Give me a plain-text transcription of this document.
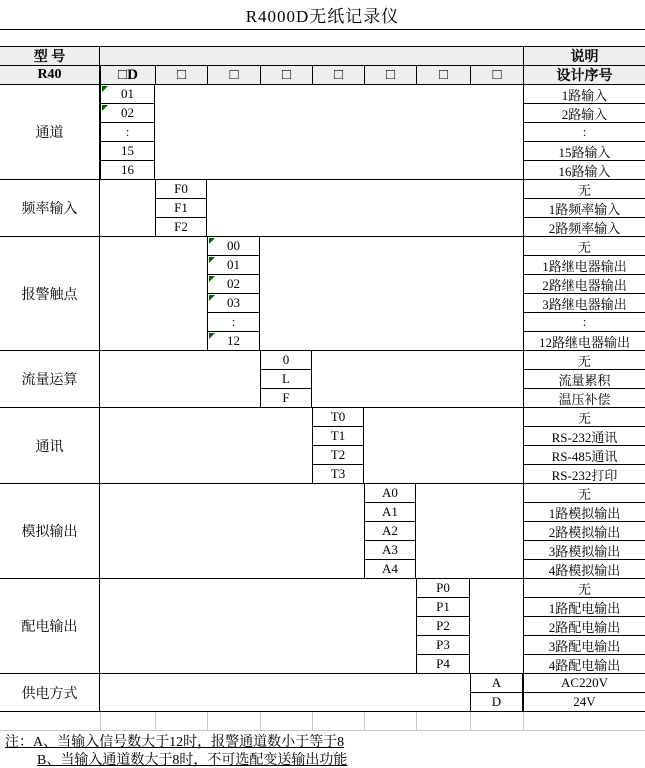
R4000D无纸记录仪
型 号	说明
R40	□D	□	□	□	□	□	□	□	设计序号
通道
01	1路输入
02	2路输入
:	:
15	15路输入
16	16路输入
频率输入
F0	无
F1	1路频率输入
F2	2路频率输入
报警触点
00	无
01	1路继电器输出
02	2路继电器输出
03	3路继电器输出
:	:
12	12路继电器输出
流量运算
0	无
L	流量累积
F	温压补偿
通讯
T0	无
T1	RS-232通讯
T2	RS-485通讯
T3	RS-232打印
模拟输出
A0	无
A1	1路模拟输出
A2	2路模拟输出
A3	3路模拟输出
A4	4路模拟输出
配电输出
P0	无
P1	1路配电输出
P2	2路配电输出
P3	3路配电输出
P4	4路配电输出
供电方式
A	AC220V
D	24V
注：A、当输入信号数大于12时，报警通道数小于等于8
B、当输入通道数大于8时，不可选配变送输出功能
